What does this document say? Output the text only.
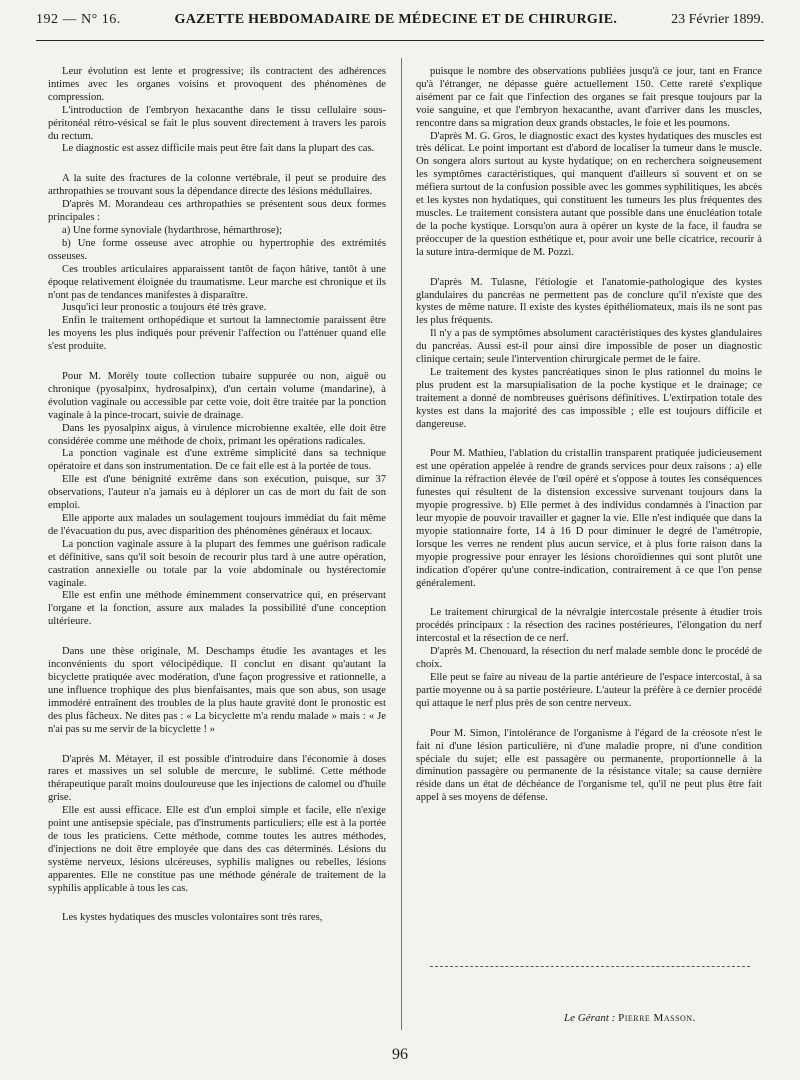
192 — N° 16.	GAZETTE HEBDOMADAIRE DE MÉDECINE ET DE CHIRURGIE.	23 Février 1899.

Leur évolution est lente et progressive; ils contractent des adhérences intimes avec les organes voisins et provoquent des phénomènes de compression.

L'introduction de l'embryon hexacanthe dans le tissu cellulaire sous-péritonéal rétro-vésical se fait le plus souvent directement à travers les parois du rectum.

Le diagnostic est assez difficile mais peut être fait dans la plupart des cas.

A la suite des fractures de la colonne vertébrale, il peut se produire des arthropathies se trouvant sous la dépendance directe des lésions médullaires.

D'après M. Morandeau ces arthropathies se présentent sous deux formes principales :

a) Une forme synoviale (hydarthrose, hémarthrose);

b) Une forme osseuse avec atrophie ou hypertrophie des extrémités osseuses.

Ces troubles articulaires apparaissent tantôt de façon hâtive, tantôt à une époque relativement éloignée du traumatisme. Leur marche est chronique et ils n'ont pas de tendances manifestes à disparaître.

Jusqu'ici leur pronostic a toujours été très grave.

Enfin le traitement orthopédique et surtout la lamnectomie paraissent être les moyens les plus indiqués pour prévenir l'affection ou l'atténuer quand elle s'est produite.

Pour M. Morély toute collection tubaire suppurée ou non, aiguë ou chronique (pyosalpinx, hydrosalpinx), d'un certain volume (mandarine), à évolution vaginale ou accessible par cette voie, doit être traitée par la ponction vaginale à la pince-trocart, suivie de drainage.

Dans les pyosalpinx aigus, à virulence microbienne exaltée, elle doit être considérée comme une méthode de choix, primant les opérations radicales.

La ponction vaginale est d'une extrême simplicité dans sa technique opératoire et dans son instrumentation. De ce fait elle est à la portée de tous.

Elle est d'une bénignité extrême dans son exécution, puisque, sur 37 observations, l'auteur n'a jamais eu à déplorer un cas de mort du fait de son emploi.

Elle apporte aux malades un soulagement toujours immédiat du fait même de l'évacuation du pus, avec disparition des phénomènes généraux et locaux.

La ponction vaginale assure à la plupart des femmes une guérison radicale et définitive, sans qu'il soit besoin de recourir plus tard à une autre opération, castration annexielle ou totale par la voie abdominale ou hystérectomie vaginale.

Elle est enfin une méthode éminemment conservatrice qui, en préservant l'organe et la fonction, assure aux malades la possibilité d'une conception ultérieure.

Dans une thèse originale, M. Deschamps étudie les avantages et les inconvénients du sport vélocipédique. Il conclut en disant qu'autant la bicyclette pratiquée avec modération, d'une façon progressive et rationnelle, a une influence trophique des plus bienfaisantes, mais que son abus, son usage immodéré entraînent des troubles de la plus haute gravité dont le pronostic est des plus fâcheux. Ne dites pas : « La bicyclette m'a rendu malade » mais : « Je n'ai pas su me servir de la bicyclette ! »

D'après M. Métayer, il est possible d'introduire dans l'économie à doses rares et massives un sel soluble de mercure, le sublimé. Cette méthode thérapeutique paraît moins douloureuse que les injections de calomel ou d'huile grise.

Elle est aussi efficace. Elle est d'un emploi simple et facile, elle n'exige point une antisepsie spéciale, pas d'instruments particuliers; elle est à la portée de tous les praticiens. Cette méthode, comme toutes les autres méthodes, d'injections ne doit être employée que dans des cas déterminés. Lésions du système nerveux, lésions ulcéreuses, syphilis malignes ou rebelles, lésions apparentes. Elle ne constitue pas une méthode générale de traitement de la syphilis applicable à tous les cas.

Les kystes hydatiques des muscles volontaires sont très rares,

puisque le nombre des observations publiées jusqu'à ce jour, tant en France qu'à l'étranger, ne dépasse guère actuellement 150. Cette rareté s'explique aisément par ce fait que l'infection des organes se fait presque toujours par la voie sanguine, et que l'embryon hexacanthe, avant d'arriver dans les muscles, rencontre dans sa migration deux grands obstacles, le foie et les poumons.

D'après M. G. Gros, le diagnostic exact des kystes hydatiques des muscles est très délicat. Le point important est d'abord de localiser la tumeur dans le muscle. On songera alors surtout au kyste hydatique; on en recherchera soigneusement les symptômes caractéristiques, qui manquent d'ailleurs si souvent et on se méfiera surtout de la confusion possible avec les gommes syphilitiques, les abcès et les kystes non hydatiques, qui constituent les tumeurs les plus fréquentes des muscles. Le traitement consistera autant que possible dans une énucléation totale de la poche kystique. Lorsqu'on aura à opérer un kyste de la face, il faudra se préoccuper de la question esthétique et, pour avoir une belle cicatrice, recourir à la suture intra-dermique de M. Pozzi.

D'après M. Tulasne, l'étiologie et l'anatomie-pathologique des kystes glandulaires du pancréas ne permettent pas de conclure qu'il n'existe que des kystes de même nature. Il existe des kystes épithéliomateux, mais ils ne sont pas les plus fréquents.

Il n'y a pas de symptômes absolument caractéristiques des kystes glandulaires du pancréas. Aussi est-il pour ainsi dire impossible de poser un diagnostic clinique certain; seule l'intervention chirurgicale permet de le faire.

Le traitement des kystes pancréatiques sinon le plus rationnel du moins le plus prudent est la marsupialisation de la poche kystique et le drainage; ce traitement a donné de nombreuses guérisons définitives. L'extirpation totale des kystes est dans la majorité des cas impossible ; elle est toujours difficile et dangereuse.

Pour M. Mathieu, l'ablation du cristallin transparent pratiquée judicieusement est une opération appelée à rendre de grands services pour deux raisons : a) elle diminue la réfraction élevée de l'œil opéré et s'oppose à toutes les conséquences funestes qui résultent de la distension excessive survenant toujours dans la myopie progressive. b) Elle permet à des individus condamnés à l'inaction par leur myopie de pouvoir travailler et gagner la vie. Elle n'est indiquée que dans la myopie stationnaire forte, 14 à 16 D pour diminuer le degré de l'amétropie, lorsque les verres ne rendent plus aucun service, et à plus forte raison dans la myopie progressive pour enrayer les lésions choroïdiennes qui sont plutôt une indication d'opérer qu'une contre-indication, contrairement à ce que l'on pense généralement.

Le traitement chirurgical de la névralgie intercostale présente à étudier trois procédés principaux : la résection des racines postérieures, l'élongation du nerf intercostal et la résection de ce nerf.

D'après M. Chenouard, la résection du nerf malade semble donc le procédé de choix.

Elle peut se faire au niveau de la partie antérieure de l'espace intercostal, à sa partie moyenne ou à sa partie postérieure. L'auteur la préfère à ce dernier procédé qui attaque le nerf plus près de son centre nerveux.

Pour M. Simon, l'intolérance de l'organisme à l'égard de la créosote n'est le fait ni d'une lésion particulière, ni d'une maladie propre, ni d'une condition spéciale du sujet; elle est passagère ou permanente, proportionnelle à la diminution passagère ou permanente de la résistance vitale; sa cause dernière réside dans un état de déchéance de l'organisme tel, qu'il ne peut plus être fait appel à ses moyens de défense.

Le Gérant : Pierre Masson.
96
